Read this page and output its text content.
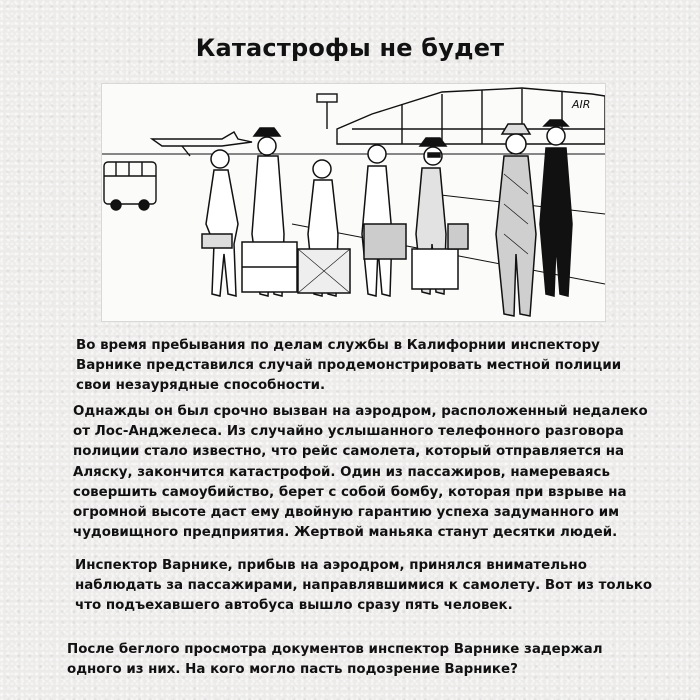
Катастрофы не будет
AIR

Во время пребывания по делам службы в Калифорнии инспектору
Варнике представился случай продемонстрировать местной полиции
свои незаурядные способности.

Однажды он был срочно вызван на аэродром, расположенный недалеко
от Лос-Анджелеса. Из случайно услышанного телефонного разговора
полиции стало известно, что рейс самолета, который отправляется на
Аляску, закончится катастрофой. Один из пассажиров, намереваясь
совершить самоубийство, берет с собой бомбу, которая при взрыве на
огромной высоте даст ему двойную гарантию успеха задуманного им
чудовищного предприятия. Жертвой маньяка станут десятки людей.

Инспектор Варнике, прибыв на аэродром, принялся внимательно
наблюдать за пассажирами, направлявшимися к самолету. Вот из только
что подъехавшего автобуса вышло сразу пять человек.

После беглого просмотра документов инспектор Варнике задержал
одного из них. На кого могло пасть подозрение Варнике?
